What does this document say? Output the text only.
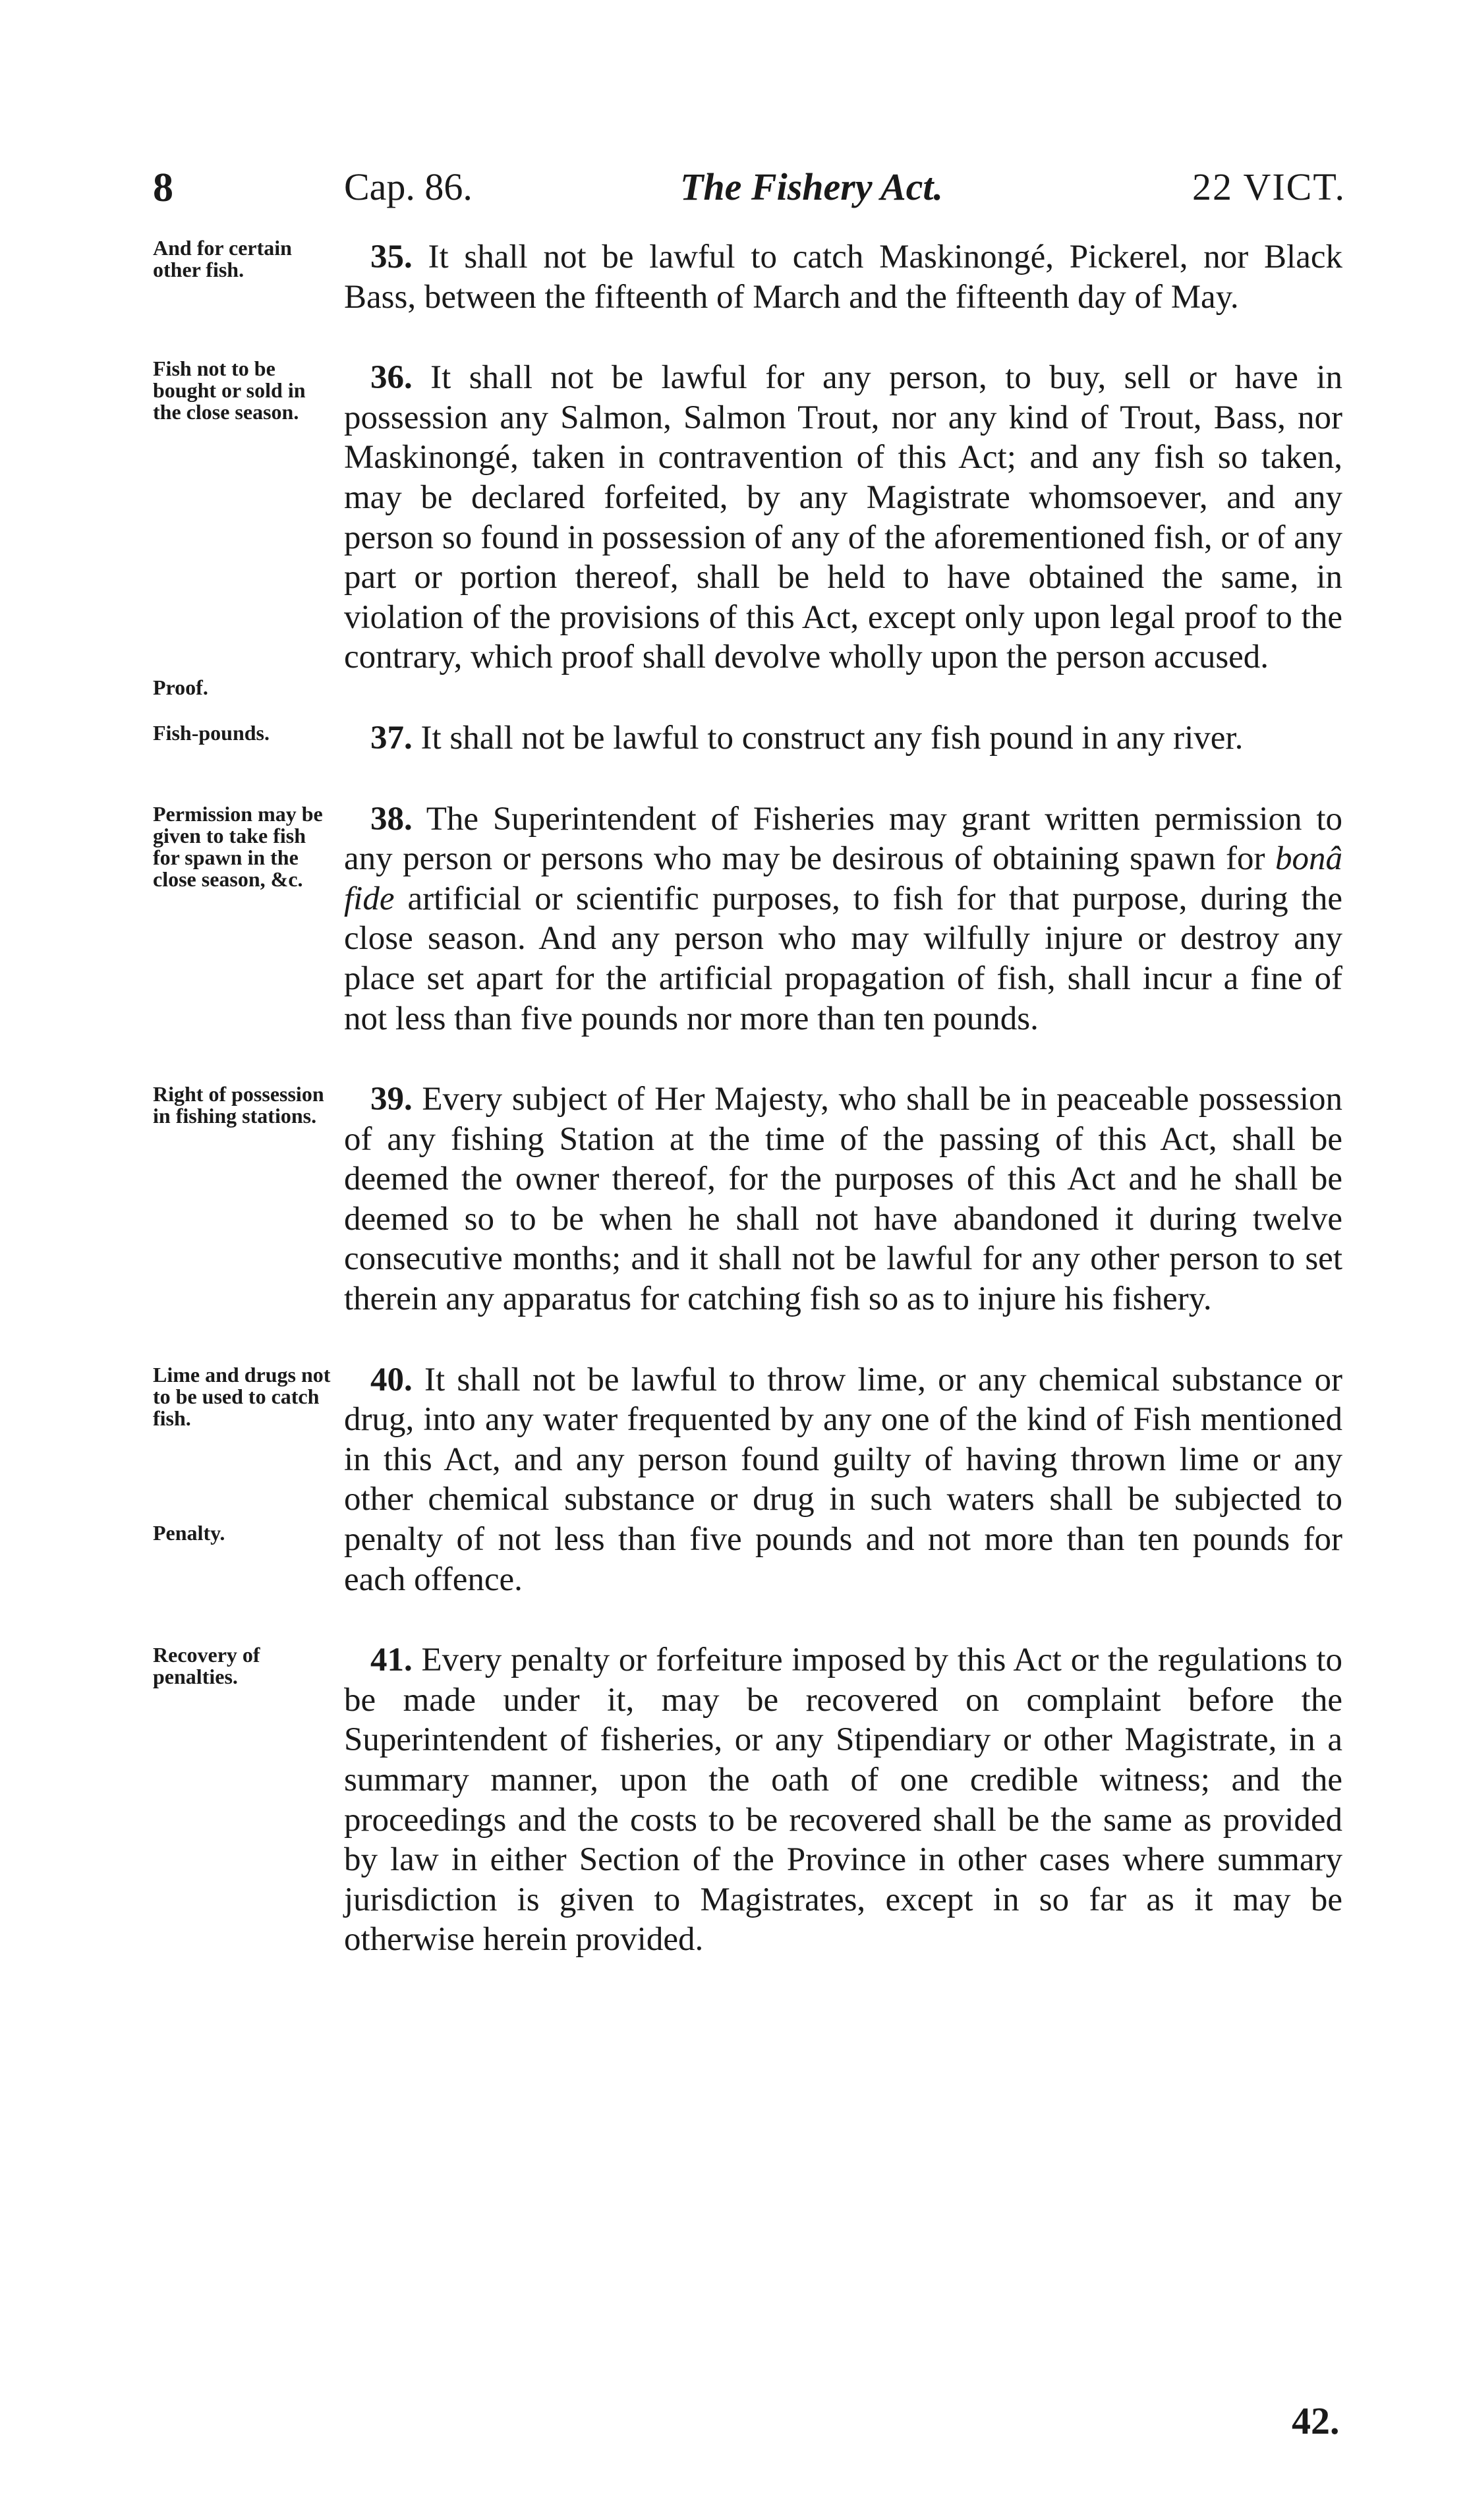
8	Cap. 86.	The Fishery Act.	22 VICT.
And for certain other fish.	35. It shall not be lawful to catch Maskinongé, Pickerel, nor Black Bass, between the fifteenth of March and the fifteenth day of May.

Fish not to be bought or sold in the close season.
Proof.

36. It shall not be lawful for any person, to buy, sell or have in possession any Salmon, Salmon Trout, nor any kind of Trout, Bass, nor Maskinongé, taken in contravention of this Act; and any fish so taken, may be declared forfeited, by any Magistrate whomsoever, and any person so found in possession of any of the aforementioned fish, or of any part or portion thereof, shall be held to have obtained the same, in violation of the provisions of this Act, except only upon legal proof to the contrary, which proof shall devolve wholly upon the person accused.

Fish-pounds.	37. It shall not be lawful to construct any fish pound in any river.

Permission may be given to take fish for spawn in the close season, &c.

38. The Superintendent of Fisheries may grant written permission to any person or persons who may be desirous of obtaining spawn for bonâ fide artificial or scientific purposes, to fish for that purpose, during the close season. And any person who may wilfully injure or destroy any place set apart for the artificial propagation of fish, shall incur a fine of not less than five pounds nor more than ten pounds.

Right of possession in fishing stations.	39. Every subject of Her Majesty, who shall be in peaceable possession of any fishing Station at the time of the passing of this Act, shall be deemed the owner thereof, for the purposes of this Act and he shall be deemed so to be when he shall not have abandoned it during twelve consecutive months; and it shall not be lawful for any other person to set therein any apparatus for catching fish so as to injure his fishery.

Lime and drugs not to be used to catch fish.
Penalty.

40. It shall not be lawful to throw lime, or any chemical substance or drug, into any water frequented by any one of the kind of Fish mentioned in this Act, and any person found guilty of having thrown lime or any other chemical substance or drug in such waters shall be subjected to penalty of not less than five pounds and not more than ten pounds for each offence.

Recovery of penalties.	41. Every penalty or forfeiture imposed by this Act or the regulations to be made under it, may be recovered on complaint before the Superintendent of fisheries, or any Stipendiary or other Magistrate, in a summary manner, upon the oath of one credible witness; and the proceedings and the costs to be recovered shall be the same as provided by law in either Section of the Province in other cases where summary jurisdiction is given to Magistrates, except in so far as it may be otherwise herein provided.

42.
